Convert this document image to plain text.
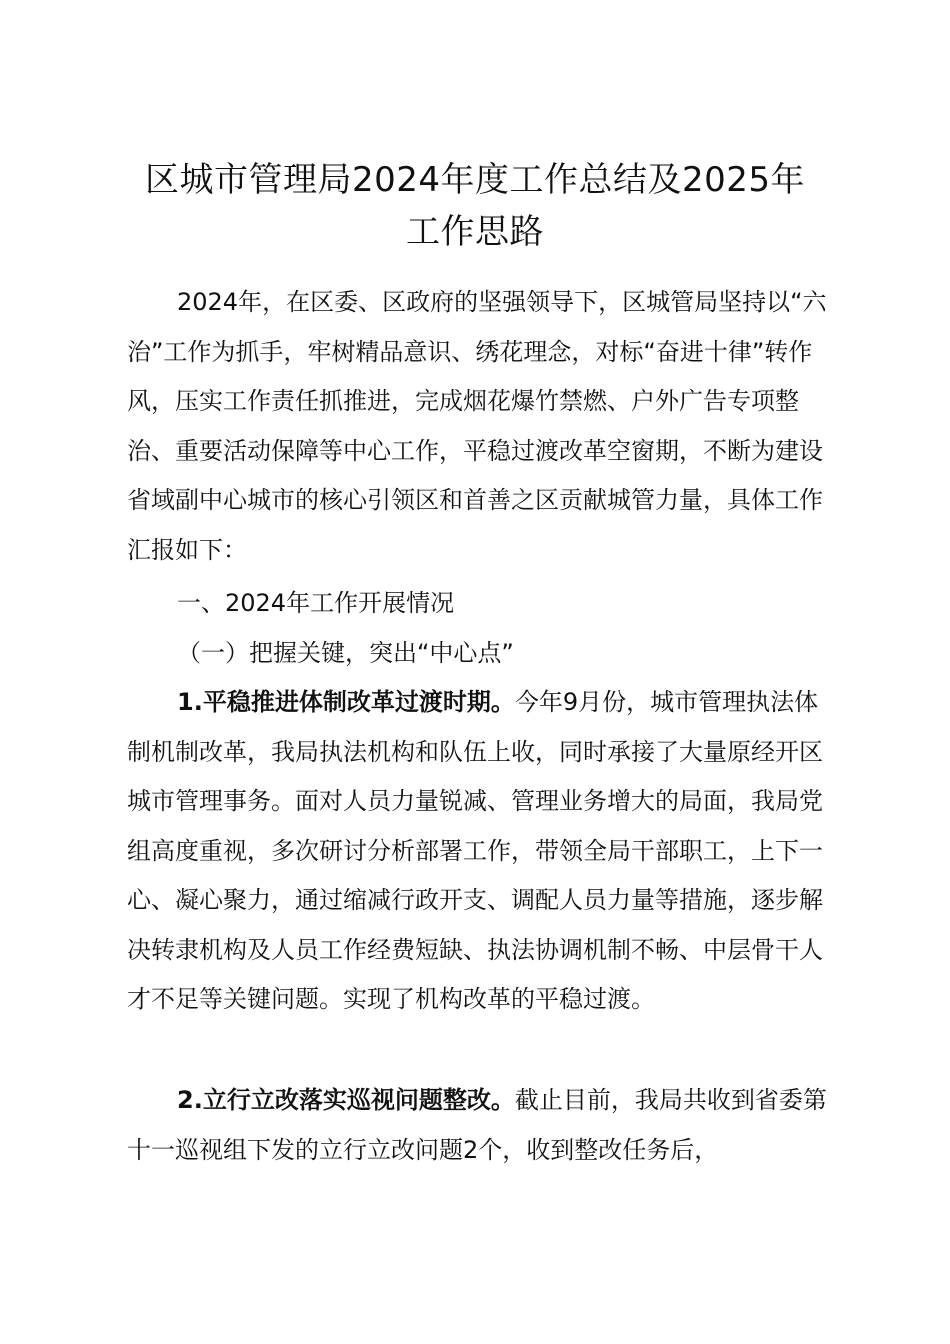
区城市管理局2024年度工作总结及2025年
工作思路

2024年，在区委、区政府的坚强领导下，区城管局坚持以“六治”工作为抓手，牢树精品意识、绣花理念，对标“奋进十律”转作风，压实工作责任抓推进，完成烟花爆竹禁燃、户外广告专项整治、重要活动保障等中心工作，平稳过渡改革空窗期，不断为建设省域副中心城市的核心引领区和首善之区贡献城管力量，具体工作汇报如下：

一、2024年工作开展情况

（一）把握关键，突出“中心点”

1.平稳推进体制改革过渡时期。今年9月份，城市管理执法体制机制改革，我局执法机构和队伍上收，同时承接了大量原经开区城市管理事务。面对人员力量锐减、管理业务增大的局面，我局党组高度重视，多次研讨分析部署工作，带领全局干部职工，上下一心、凝心聚力，通过缩减行政开支、调配人员力量等措施，逐步解决转隶机构及人员工作经费短缺、执法协调机制不畅、中层骨干人才不足等关键问题。实现了机构改革的平稳过渡。

2.立行立改落实巡视问题整改。截止目前，我局共收到省委第十一巡视组下发的立行立改问题2个，收到整改任务后，
